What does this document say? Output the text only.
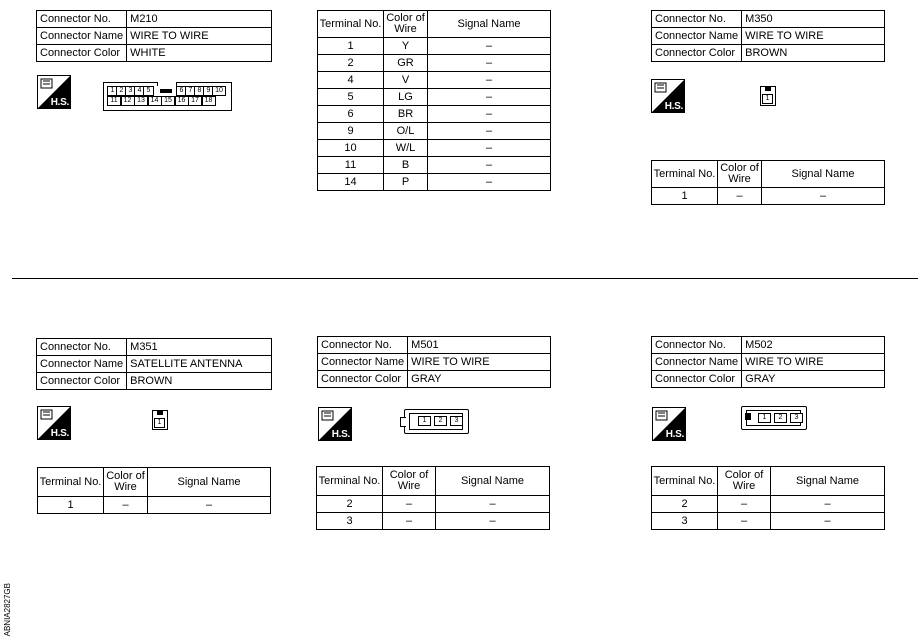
Connector No.	M210
Connector Name	WIRE TO WIRE
Connector Color	WHITE
H.S.
1 2 3 4 5	6 7 8 9 10
11 12 13 14 15 16 17 18
Terminal No.	Color of Wire	Signal Name
1	Y	–
2	GR	–
4	V	–
5	LG	–
6	BR	–
9	O/L	–
10	W/L	–
11	B	–
14	P	–
Connector No.	M350
Connector Name	WIRE TO WIRE
Connector Color	BROWN
H.S.
1
Terminal No.	Color of Wire	Signal Name
1	–	–
Connector No.	M351
Connector Name	SATELLITE ANTENNA
Connector Color	BROWN
H.S.
1
Terminal No.	Color of Wire	Signal Name
1	–	–
Connector No.	M501
Connector Name	WIRE TO WIRE
Connector Color	GRAY
H.S.
1	2	3
Terminal No.	Color of Wire	Signal Name
2	–	–
3	–	–
Connector No.	M502
Connector Name	WIRE TO WIRE
Connector Color	GRAY
H.S.
1	2	3
Terminal No.	Color of Wire	Signal Name
2	–	–
3	–	–
ABNIA2827GB
